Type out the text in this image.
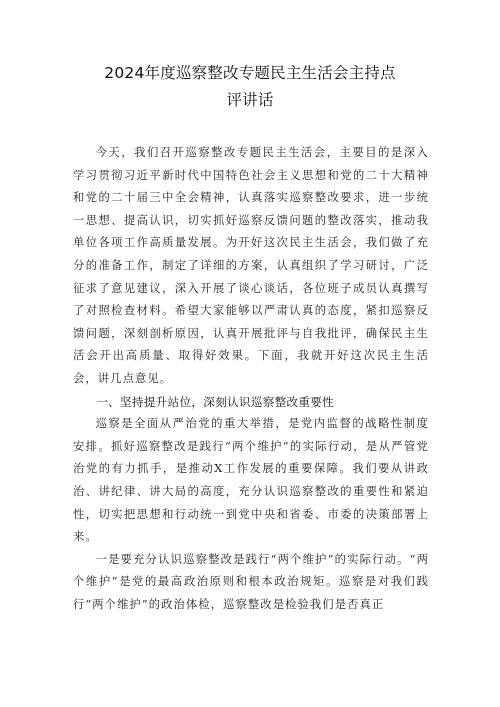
2024年度巡察整改专题民主生活会主持点
评讲话

今天，我们召开巡察整改专题民主生活会，主要目的是深入学习贯彻习近平新时代中国特色社会主义思想和党的二十大精神和党的二十届三中全会精神，认真落实巡察整改要求，进一步统一思想、提高认识，切实抓好巡察反馈问题的整改落实，推动我单位各项工作高质量发展。为开好这次民主生活会，我们做了充分的准备工作，制定了详细的方案，认真组织了学习研讨，广泛征求了意见建议，深入开展了谈心谈话，各位班子成员认真撰写了对照检查材料。希望大家能够以严肃认真的态度，紧扣巡察反馈问题，深刻剖析原因，认真开展批评与自我批评，确保民主生活会开出高质量、取得好效果。下面，我就开好这次民主生活会，讲几点意见。

一、坚持提升站位，深刻认识巡察整改重要性

巡察是全面从严治党的重大举措，是党内监督的战略性制度安排。抓好巡察整改是践行“两个维护”的实际行动，是从严管党治党的有力抓手，是推动X工作发展的重要保障。我们要从讲政治、讲纪律、讲大局的高度，充分认识巡察整改的重要性和紧迫性，切实把思想和行动统一到党中央和省委、市委的决策部署上来。

一是要充分认识巡察整改是践行“两个维护”的实际行动。“两个维护”是党的最高政治原则和根本政治规矩。巡察是对我们践行“两个维护”的政治体检，巡察整改是检验我们是否真正
